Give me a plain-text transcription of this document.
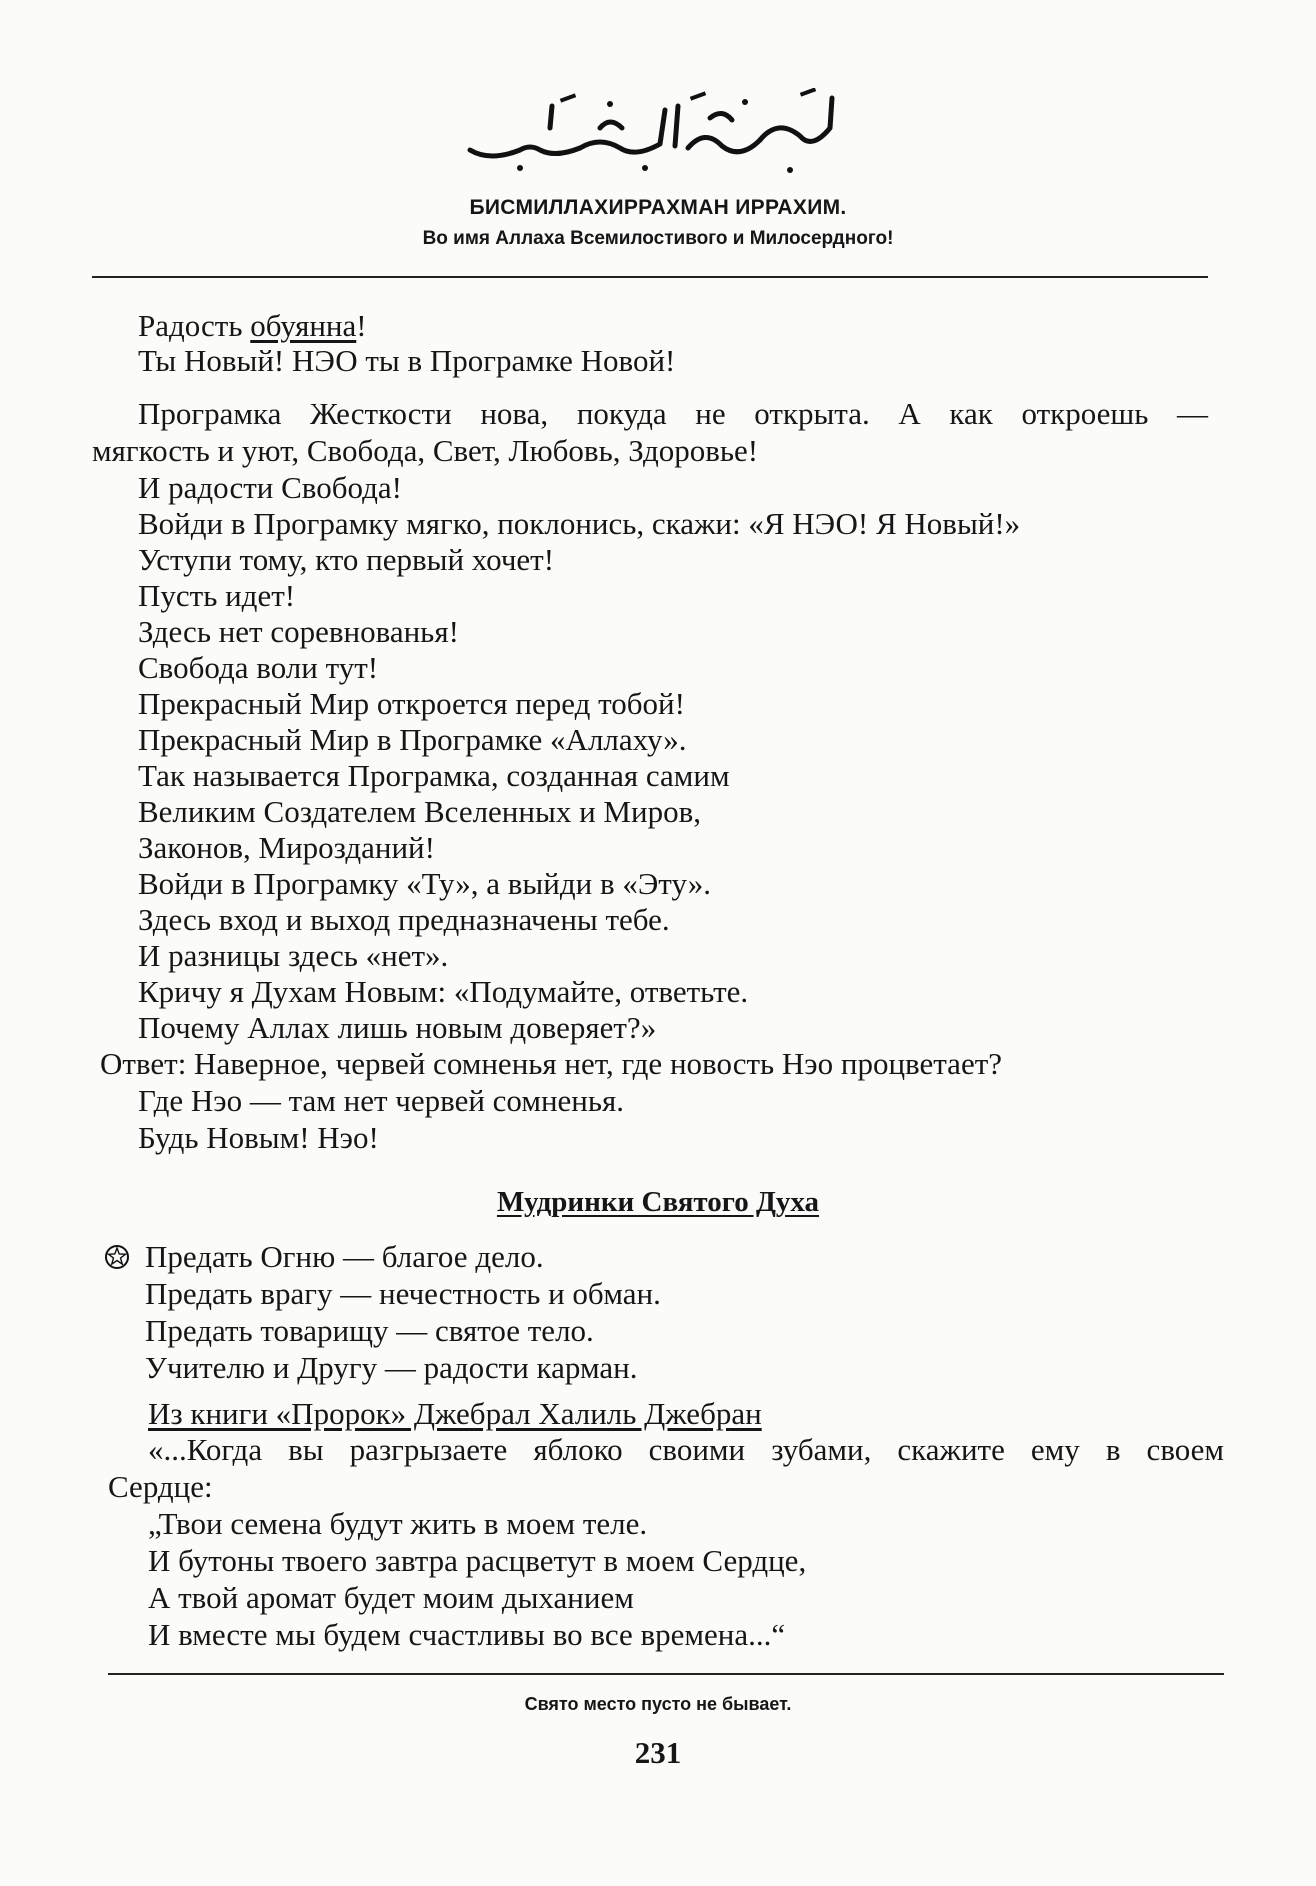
БИСМИЛЛАХИРРАХМАН ИРРАХИМ.
Во имя Аллаха Всемилостивого и Милосердного!
Радость обуянна!
Ты Новый! НЭО ты в Програмке Новой!
Програмка Жесткости нова, покуда не открыта. А как откроешь —
мягкость и уют, Свобода, Свет, Любовь, Здоровье!
И радости Свобода!
Войди в Програмку мягко, поклонись, скажи: «Я НЭО! Я Новый!»
Уступи тому, кто первый хочет!
Пусть идет!
Здесь нет соревнованья!
Свобода воли тут!
Прекрасный Мир откроется перед тобой!
Прекрасный Мир в Програмке «Аллаху».
Так называется Програмка, созданная самим
Великим Создателем Вселенных и Миров,
Законов, Мирозданий!
Войди в Програмку «Ту», а выйди в «Эту».
Здесь вход и выход предназначены тебе.
И разницы здесь «нет».
Кричу я Духам Новым: «Подумайте, ответьте.
Почему Аллах лишь новым доверяет?»
Ответ: Наверное, червей сомненья нет, где новость Нэо процветает?
Где Нэо — там нет червей сомненья.
Будь Новым! Нэо!
Мудринки Святого Духа
Предать Огню — благое дело.
Предать врагу — нечестность и обман.
Предать товарищу — святое тело.
Учителю и Другу — радости карман.
Из книги «Пророк» Джебрал Халиль Джебран
«...Когда вы разгрызаете яблоко своими зубами, скажите ему в своем
Сердце:
„Твои семена будут жить в моем теле.
И бутоны твоего завтра расцветут в моем Сердце,
А твой аромат будет моим дыханием
И вместе мы будем счастливы во все времена...“
Свято место пусто не бывает.
231
